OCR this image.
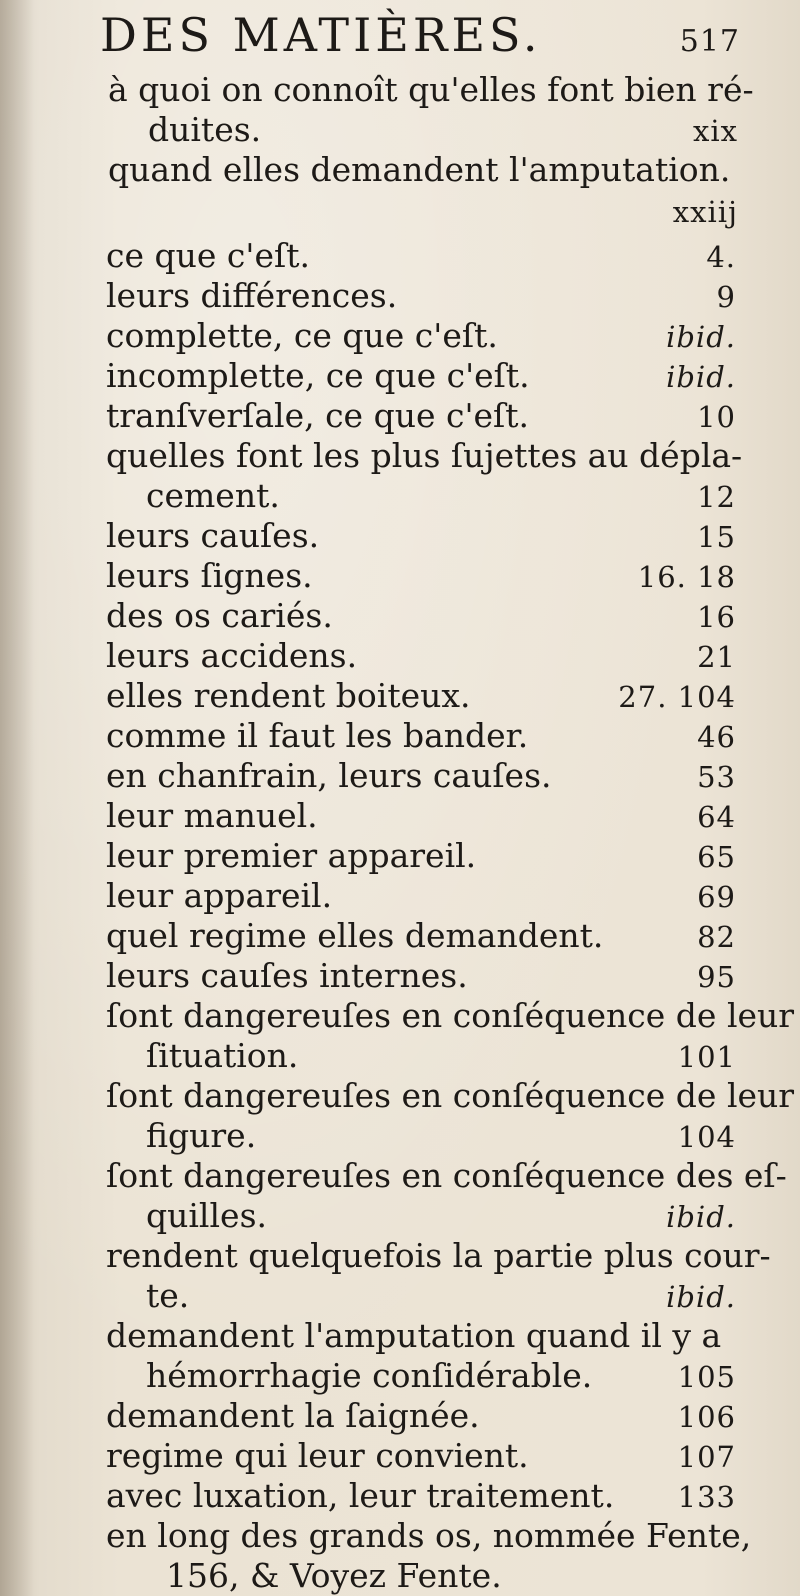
DES MATIÈRES.	517
à quoi on connoît qu'elles font bien ré-
duites.	xix
quand elles demandent l'amputation.
xxiij
ce que c'eſt.	4.
leurs différences.	9
complette, ce que c'eſt.	ibid.
incomplette, ce que c'eſt.	ibid.
tranſverſale, ce que c'eſt.	10
quelles font les plus ſujettes au dépla-
cement.	12
leurs cauſes.	15
leurs ſignes.	16. 18
des os cariés.	16
leurs accidens.	21
elles rendent boiteux.	27. 104
comme il faut les bander.	46
en chanfrain, leurs cauſes.	53
leur manuel.	64
leur premier appareil.	65
leur appareil.	69
quel regime elles demandent.	82
leurs cauſes internes.	95
ſont dangereuſes en conſéquence de leur
ſituation.	101
ſont dangereuſes en conſéquence de leur
figure.	104
ſont dangereuſes en conſéquence des eſ-
quilles.	ibid.
rendent quelquefois la partie plus cour-
te.	ibid.
demandent l'amputation quand il y a
hémorrhagie conſidérable.	105
demandent la ſaignée.	106
regime qui leur convient.	107
avec luxation, leur traitement. 133
en long des grands os, nommée Fente,
156, & Voyez Fente.
